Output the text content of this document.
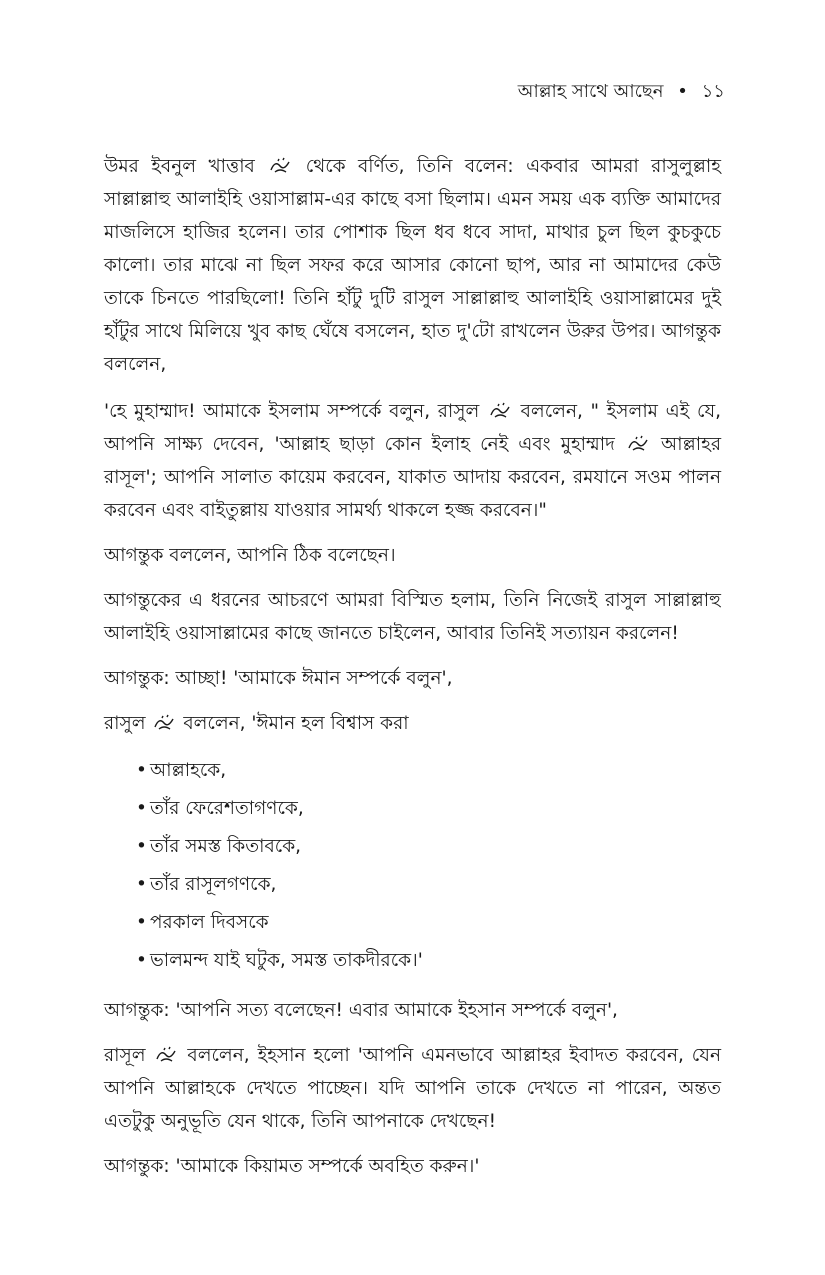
আল্লাহ সাথে আছেন • ১১

উমর ইবনুল খাত্তাব	থেকে বর্ণিত, তিনি বলেন: একবার আমরা রাসুলুল্লাহ সাল্লাল্লাহু আলাইহি ওয়াসাল্লাম-এর কাছে বসা ছিলাম। এমন সময় এক ব্যক্তি আমাদের মাজলিসে হাজির হলেন। তার পোশাক ছিল ধব ধবে সাদা, মাথার চুল ছিল কুচকুচে কালো। তার মাঝে না ছিল সফর করে আসার কোনো ছাপ, আর না আমাদের কেউ তাকে চিনতে পারছিলো! তিনি হাঁটু দুটি রাসুল সাল্লাল্লাহু আলাইহি ওয়াসাল্লামের দুই হাঁটুর সাথে মিলিয়ে খুব কাছ ঘেঁষে বসলেন, হাত দু'টো রাখলেন উরুর উপর। আগন্তুক বললেন,

'হে মুহাম্মাদ! আমাকে ইসলাম সম্পর্কে বলুন, রাসুল বললেন, " ইসলাম এই যে, আপনি সাক্ষ্য দেবেন, 'আল্লাহ ছাড়া কোন ইলাহ নেই এবং মুহাম্মাদ আল্লাহর রাসূল'; আপনি সালাত কায়েম করবেন, যাকাত আদায় করবেন, রমযানে সওম পালন করবেন এবং বাইতুল্লায় যাওয়ার সামর্থ্য থাকলে হজ্জ করবেন।"

আগন্তুক বললেন, আপনি ঠিক বলেছেন।

আগন্তুকের এ ধরনের আচরণে আমরা বিস্মিত হলাম, তিনি নিজেই রাসুল সাল্লাল্লাহু আলাইহি ওয়াসাল্লামের কাছে জানতে চাইলেন, আবার তিনিই সত্যায়ন করলেন!

আগন্তুক: আচ্ছা! 'আমাকে ঈমান সম্পর্কে বলুন',

রাসুল বললেন, 'ঈমান হল বিশ্বাস করা

• আল্লাহকে,
• তাঁর ফেরেশতাগণকে,
• তাঁর সমস্ত কিতাবকে,
• তাঁর রাসূলগণকে,
• পরকাল দিবসকে
• ভালমন্দ যাই ঘটুক, সমস্ত তাকদীরকে।'

আগন্তুক: 'আপনি সত্য বলেছেন! এবার আমাকে ইহসান সম্পর্কে বলুন',

রাসূল বললেন, ইহসান হলো 'আপনি এমনভাবে আল্লাহর ইবাদত করবেন, যেন আপনি আল্লাহকে দেখতে পাচ্ছেন। যদি আপনি তাকে দেখতে না পারেন, অন্তত এতটুকু অনুভূতি যেন থাকে, তিনি আপনাকে দেখছেন!

আগন্তুক: 'আমাকে কিয়ামত সম্পর্কে অবহিত করুন।'
